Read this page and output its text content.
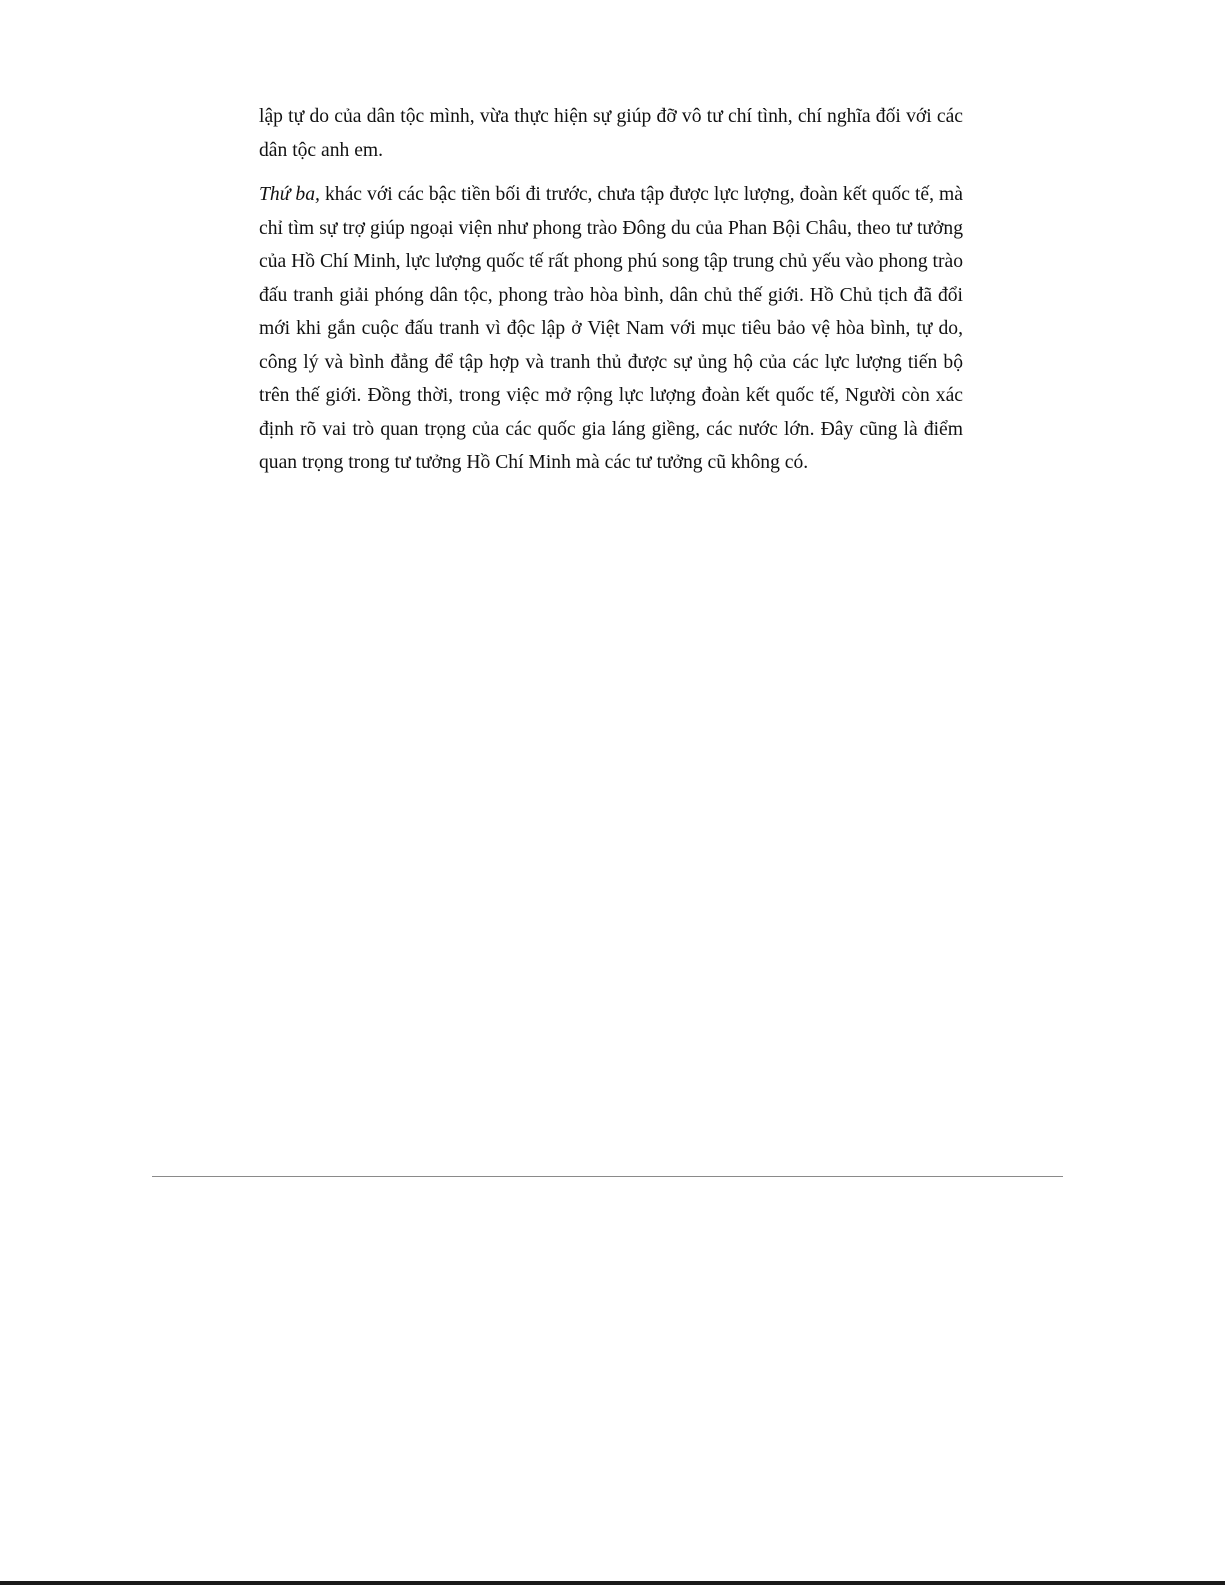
lập tự do của dân tộc mình, vừa thực hiện sự giúp đỡ vô tư chí tình, chí nghĩa đối với các
dân tộc anh em.

Thứ ba, khác với các bậc tiền bối đi trước, chưa tập được lực lượng, đoàn kết quốc tế, mà
chỉ tìm sự trợ giúp ngoại viện như phong trào Đông du của Phan Bội Châu, theo tư tưởng
của Hồ Chí Minh, lực lượng quốc tế rất phong phú song tập trung chủ yếu vào phong trào
đấu tranh giải phóng dân tộc, phong trào hòa bình, dân chủ thế giới. Hồ Chủ tịch đã đổi
mới khi gắn cuộc đấu tranh vì độc lập ở Việt Nam với mục tiêu bảo vệ hòa bình, tự do,
công lý và bình đẳng để tập hợp và tranh thủ được sự ủng hộ của các lực lượng tiến bộ
trên thế giới. Đồng thời, trong việc mở rộng lực lượng đoàn kết quốc tế, Người còn xác
định rõ vai trò quan trọng của các quốc gia láng giềng, các nước lớn. Đây cũng là điểm
quan trọng trong tư tưởng Hồ Chí Minh mà các tư tưởng cũ không có.
